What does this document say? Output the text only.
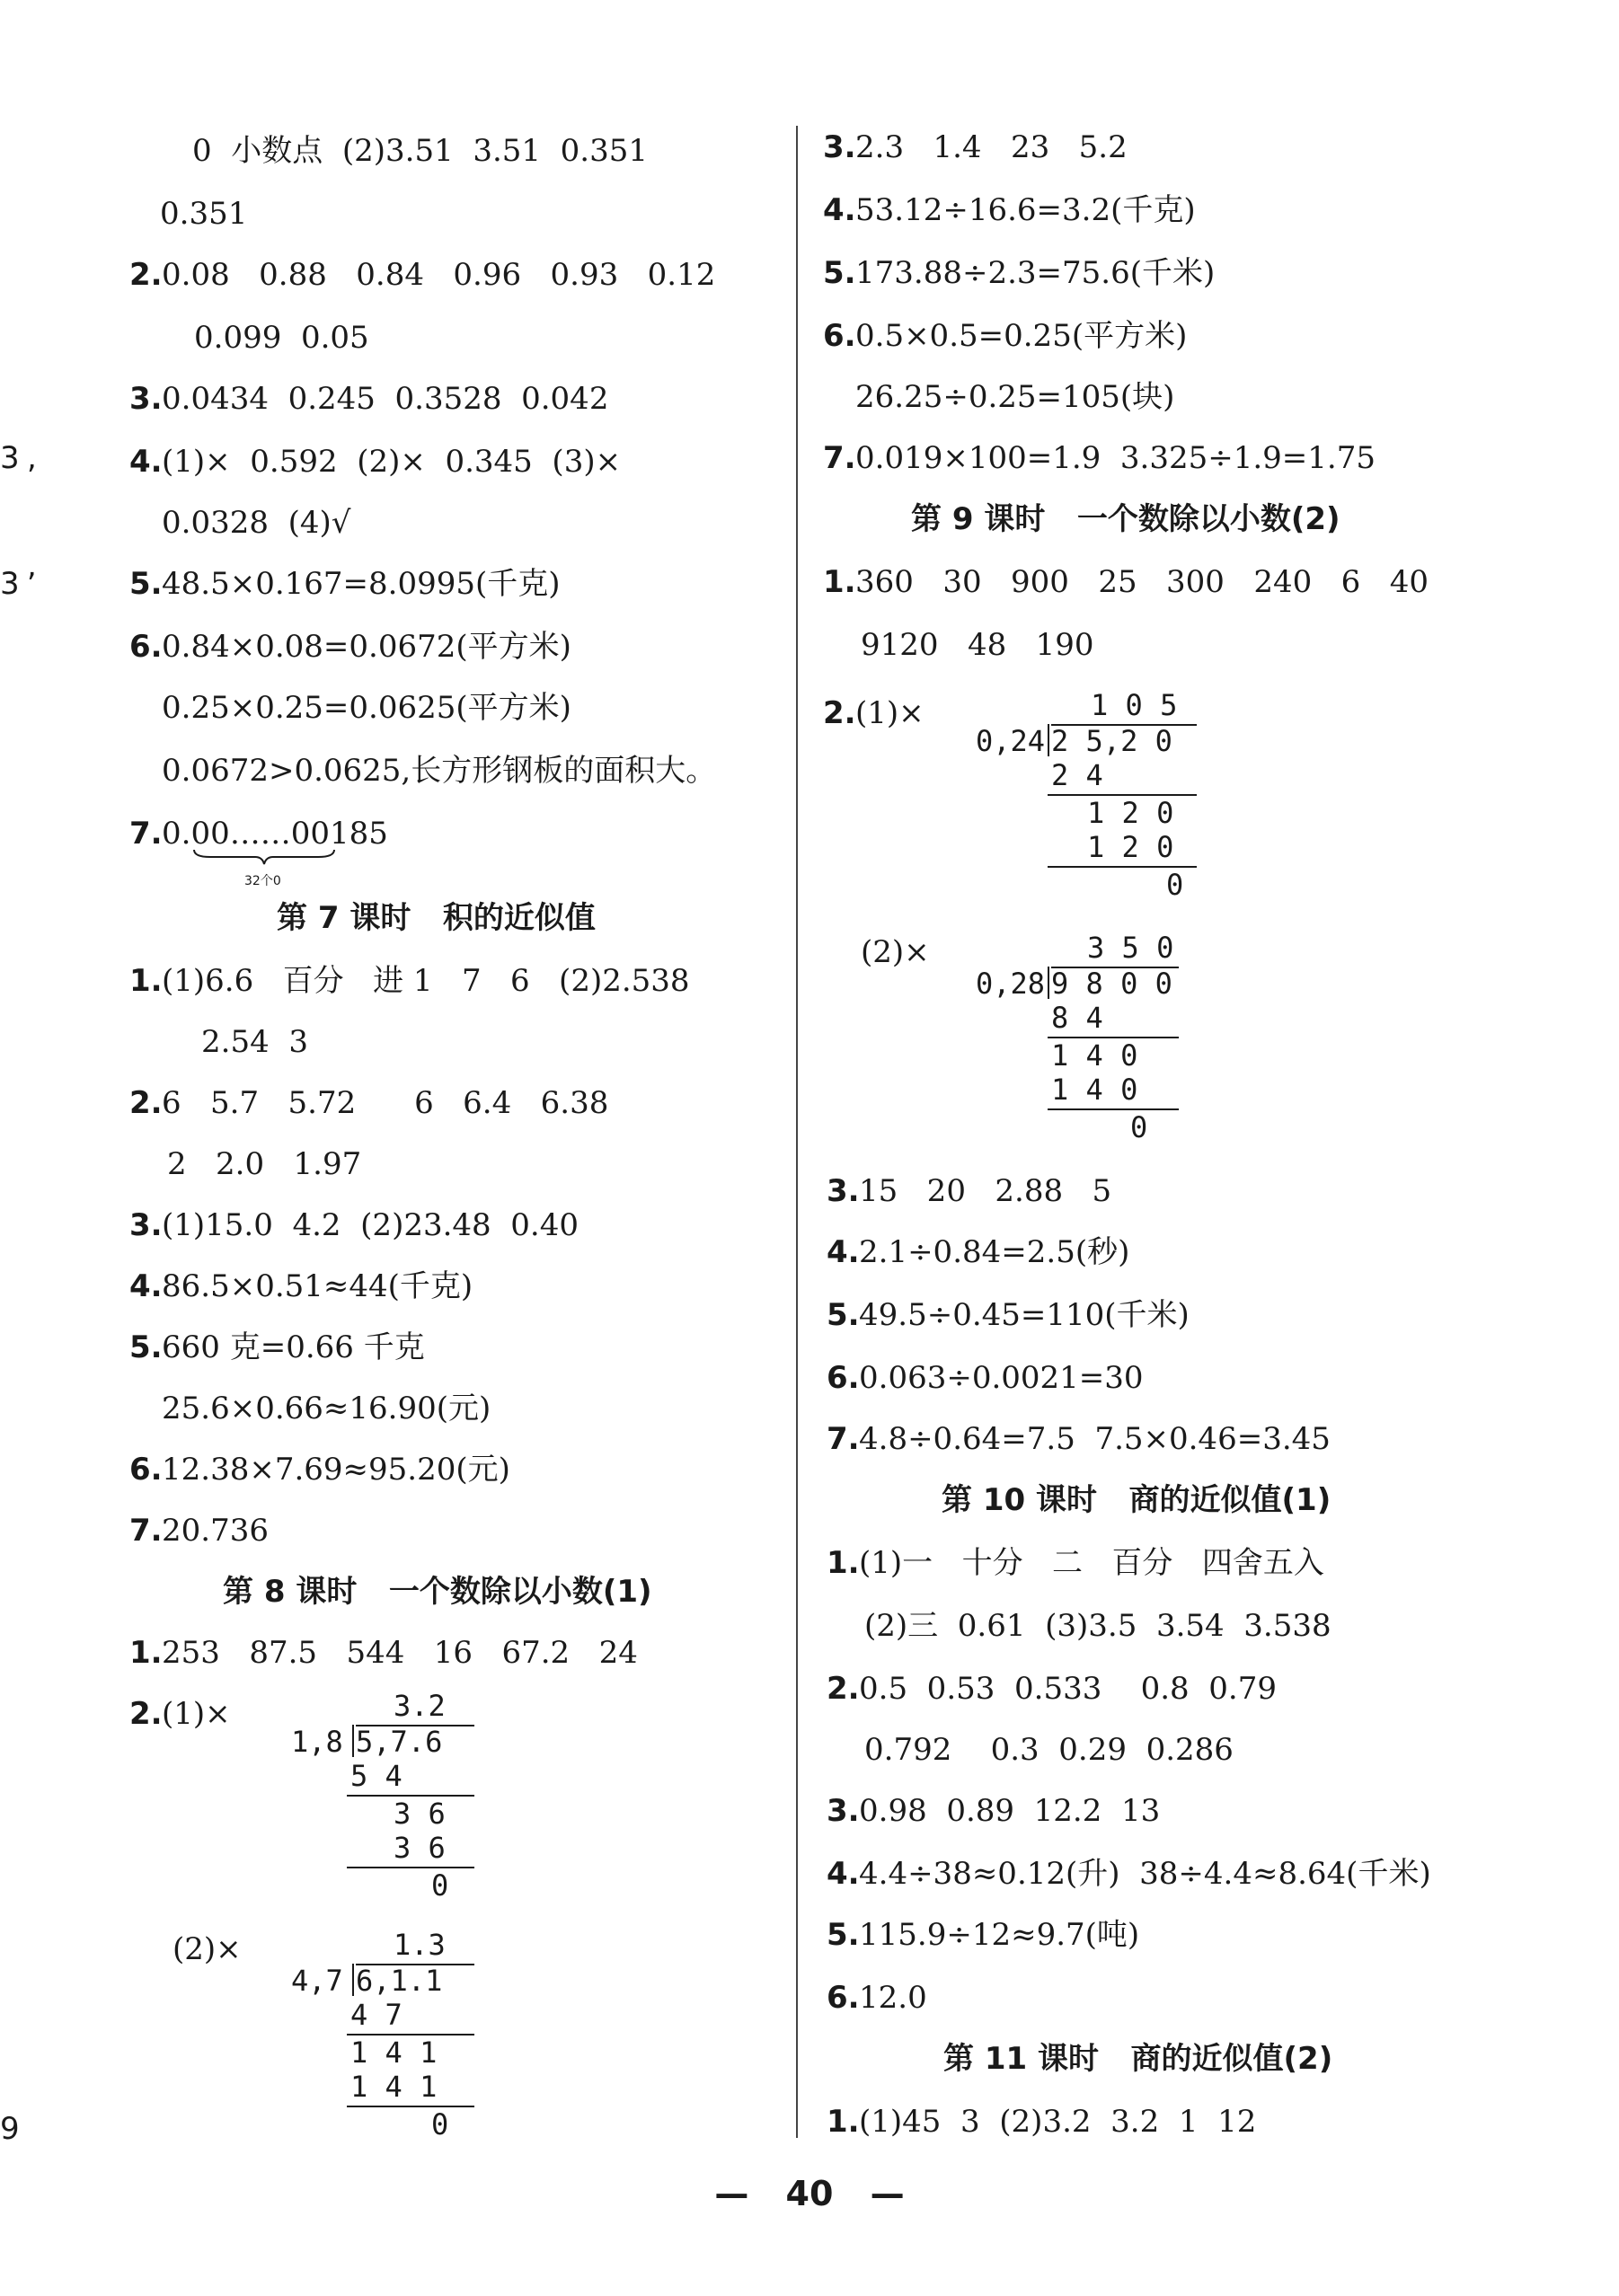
3 ,
,
3
9
0  小数点  (2)3.51  3.51  0.351
0.351
2. 0.08   0.88   0.84   0.96   0.93   0.12
0.099  0.05
3. 0.0434  0.245  0.3528  0.042
4. (1)×  0.592  (2)×  0.345  (3)×
0.0328  (4)√
5. 48.5×0.167=8.0995(千克)
6. 0.84×0.08=0.0672(平方米)
0.25×0.25=0.0625(平方米)
0.0672>0.0625,长方形钢板的面积大。
7. 0.00……00185
32个0
第 7 课时   积的近似值
1. (1)6.6   百分   进 1   7   6   (2)2.538
2.54  3
2. 6   5.7   5.72      6   6.4   6.38
2   2.0   1.97
3. (1)15.0  4.2  (2)23.48  0.40
4. 86.5×0.51≈44(千克)
5. 660 克=0.66 千克
25.6×0.66≈16.90(元)
6. 12.38×7.69≈95.20(元)
7. 20.736
第 8 课时   一个数除以小数(1)
1. 253   87.5   544   16   67.2   24
2. (1)×	3.2
1,8 5,7.6
5 4
3 6
3 6
0
(2)×	1.3
4,7 6,1.1
4 7
1 4 1
1 4 1
0
3. 2.3   1.4   23   5.2
4. 53.12÷16.6=3.2(千克)
5. 173.88÷2.3=75.6(千米)
6. 0.5×0.5=0.25(平方米)
26.25÷0.25=105(块)
7. 0.019×100=1.9  3.325÷1.9=1.75
第 9 课时   一个数除以小数(2)
1. 360   30   900   25   300   240   6   40
9120   48   190
2. (1)×	1 0 5
0,24 2 5,2 0
2 4
1 2 0
1 2 0
0
(2)×	3 5 0
0,28 9 8 0 0
8 4
1 4 0
1 4 0
0
3. 15   20   2.88   5
4. 2.1÷0.84=2.5(秒)
5. 49.5÷0.45=110(千米)
6. 0.063÷0.0021=30
7. 4.8÷0.64=7.5  7.5×0.46=3.45
第 10 课时   商的近似值(1)
1. (1)一   十分   二   百分   四舍五入
(2)三  0.61  (3)3.5  3.54  3.538
2. 0.5  0.53  0.533    0.8  0.79
0.792    0.3  0.29  0.286
3. 0.98  0.89  12.2  13
4. 4.4÷38≈0.12(升)  38÷4.4≈8.64(千米)
5. 115.9÷12≈9.7(吨)
6. 12.0
第 11 课时   商的近似值(2)
1. (1)45  3  (2)3.2  3.2  1  12
— 40 —
